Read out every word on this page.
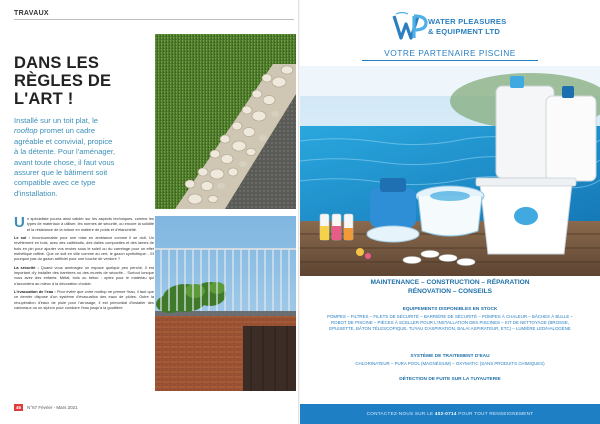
TRAVAUX
DANS LES
RÈGLES DE
L'ART !
Installé sur un toit plat, le
rooftop promet un cadre
agréable et convivial, propice
à la détente. Pour l'aménager,
avant toute chose, il faut vous
assurer que le bâtiment soit
compatible avec ce type
d'installation.

Un spécialiste pourra ainsi valider sur les aspects techniques, comme les types de matériaux à utiliser, les normes de sécurité, ou encore la solidité et la résistance de la toiture en matière de poids et d'étanchéité.

Le sol : Incontournable pour une mise en ambiance comme il se doit. Un revêtement en bois, avec des caillebotis, des dalles composites et des lames de bois en pin pour ajouter vos envies sous le soleil ou du carrelage pour un effet esthétique raffiné. Que ce soit en ville comme au vert, le gazon synthétique... Et pourquoi pas du gazon artificiel pour une touche de verdure ?

La sécurité : Quand vous aménagez un espace quelque peu perché, il est important d'y installer des barrières ou des murets de sécurité... Surtout lorsque vous avez des enfants. Métal, bois ou béton : optez pour le matériau qui s'accordera au mieux à la décoration choisie.

L'évacuation de l'eau : Pour éviter que votre rooftop ne prenne l'eau, il faut que ce dernier dispose d'un système d'évacuation des eaux de pluies. Outre la récupération d'eaux de pluie pour l'arrosage, il est primordial d'installer des caniveaux ou un siphon pour conduire l'eau jusqu'à la gouttière.

46	N°67 Février - Mars 2021
WATER PLEASURES
& EQUIPMENT LTD
VOTRE PARTENAIRE PISCINE
MAINTENANCE – CONSTRUCTION – RÉPARATION
RÉNOVATION – CONSEILS
EQUIPEMENTS DISPONIBLES EN STOCK
POMPES – FILTRES – FILETS DE SÉCURITÉ – BARRIÈRE DE SÉCURITÉ – POMPES À CHALEUR – BÂCHES À BULLE – ROBOT DE PISCINE – PIÈCES À SCELLER POUR L'INSTALLATION DES PISCINES – KIT DE NETTOYAGE (BROSSE, EPUISETTE, BÂTON TÉLESCOPIQUE, TUYAU D'ASPIRATION, BALAI ASPIRATEUR, ETC) – LUMIÈRE LED/HALOGÈNE
SYSTÈME DE TRAITEMENT D'EAU
CHLORINATEUR – PURA POOL (MAGNÉSIUM) – OXYMATIC (SANS PRODUITS CHIMIQUES)
DÉTECTION DE FUITE SUR LA TUYAUTERIE
CONTACTEZ-NOUS SUR LE 402-0714 POUR TOUT RENSEIGNEMENT
